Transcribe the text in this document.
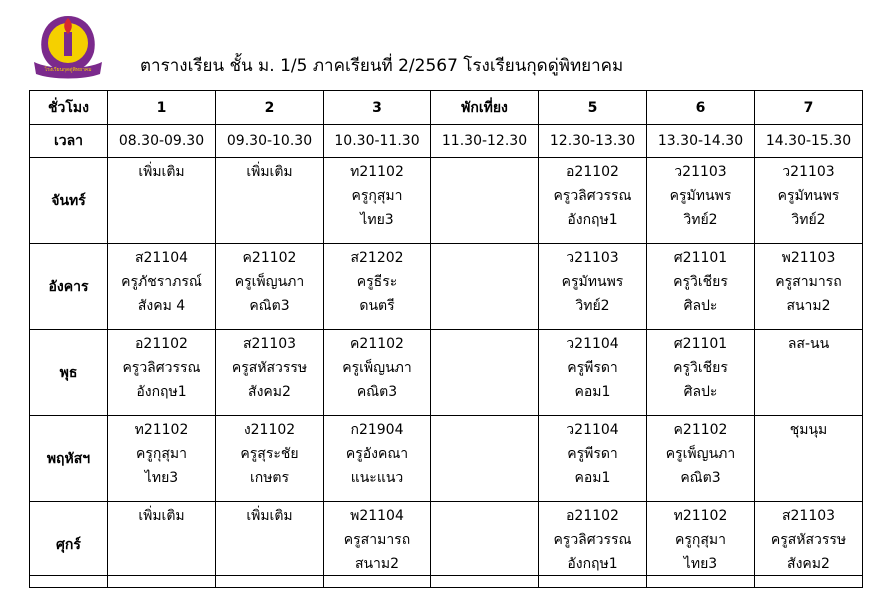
โรงเรียนกุดดู่พิทยาคม	ตารางเรียน ชั้น ม. 1/5 ภาคเรียนที่ 2/2567 โรงเรียนกุดดู่พิทยาคม
ชั่วโมง	1	2	3	พักเที่ยง	5	6	7
เวลา	08.30-09.30	09.30-10.30	10.30-11.30	11.30-12.30	12.30-13.30	13.30-14.30	14.30-15.30
จันทร์	เพิ่มเติม	เพิ่มเติม	ท21102
ครูกุสุมา
ไทย3		อ21102
ครูวลิศวรรณ
อังกฤษ1	ว21103
ครูมัทนพร
วิทย์2	ว21103
ครูมัทนพร
วิทย์2

อังคาร	ส21104
ครูภัชราภรณ์
สังคม 4	ค21102
ครูเพ็ญนภา
คณิต3	ส21202
ครูธีระ
ดนตรี		ว21103
ครูมัทนพร
วิทย์2	ศ21101
ครูวิเชียร
ศิลปะ	พ21103
ครูสามารถ
สนาม2

พุธ	อ21102
ครูวลิศวรรณ
อังกฤษ1	ส21103
ครูสหัสวรรษ
สังคม2	ค21102
ครูเพ็ญนภา
คณิต3		ว21104
ครูพีรดา
คอม1	ศ21101
ครูวิเชียร
ศิลปะ	ลส-นน

พฤหัสฯ	ท21102
ครูกุสุมา
ไทย3	ง21102
ครูสุระชัย
เกษตร	ก21904
ครูอังคณา
แนะแนว		ว21104
ครูพีรดา
คอม1	ค21102
ครูเพ็ญนภา
คณิต3	ชุมนุม

ศุกร์	เพิ่มเติม	เพิ่มเติม	พ21104
ครูสามารถ
สนาม2		อ21102
ครูวลิศวรรณ
อังกฤษ1	ท21102
ครูกุสุมา
ไทย3	ส21103
ครูสหัสวรรษ
สังคม2
